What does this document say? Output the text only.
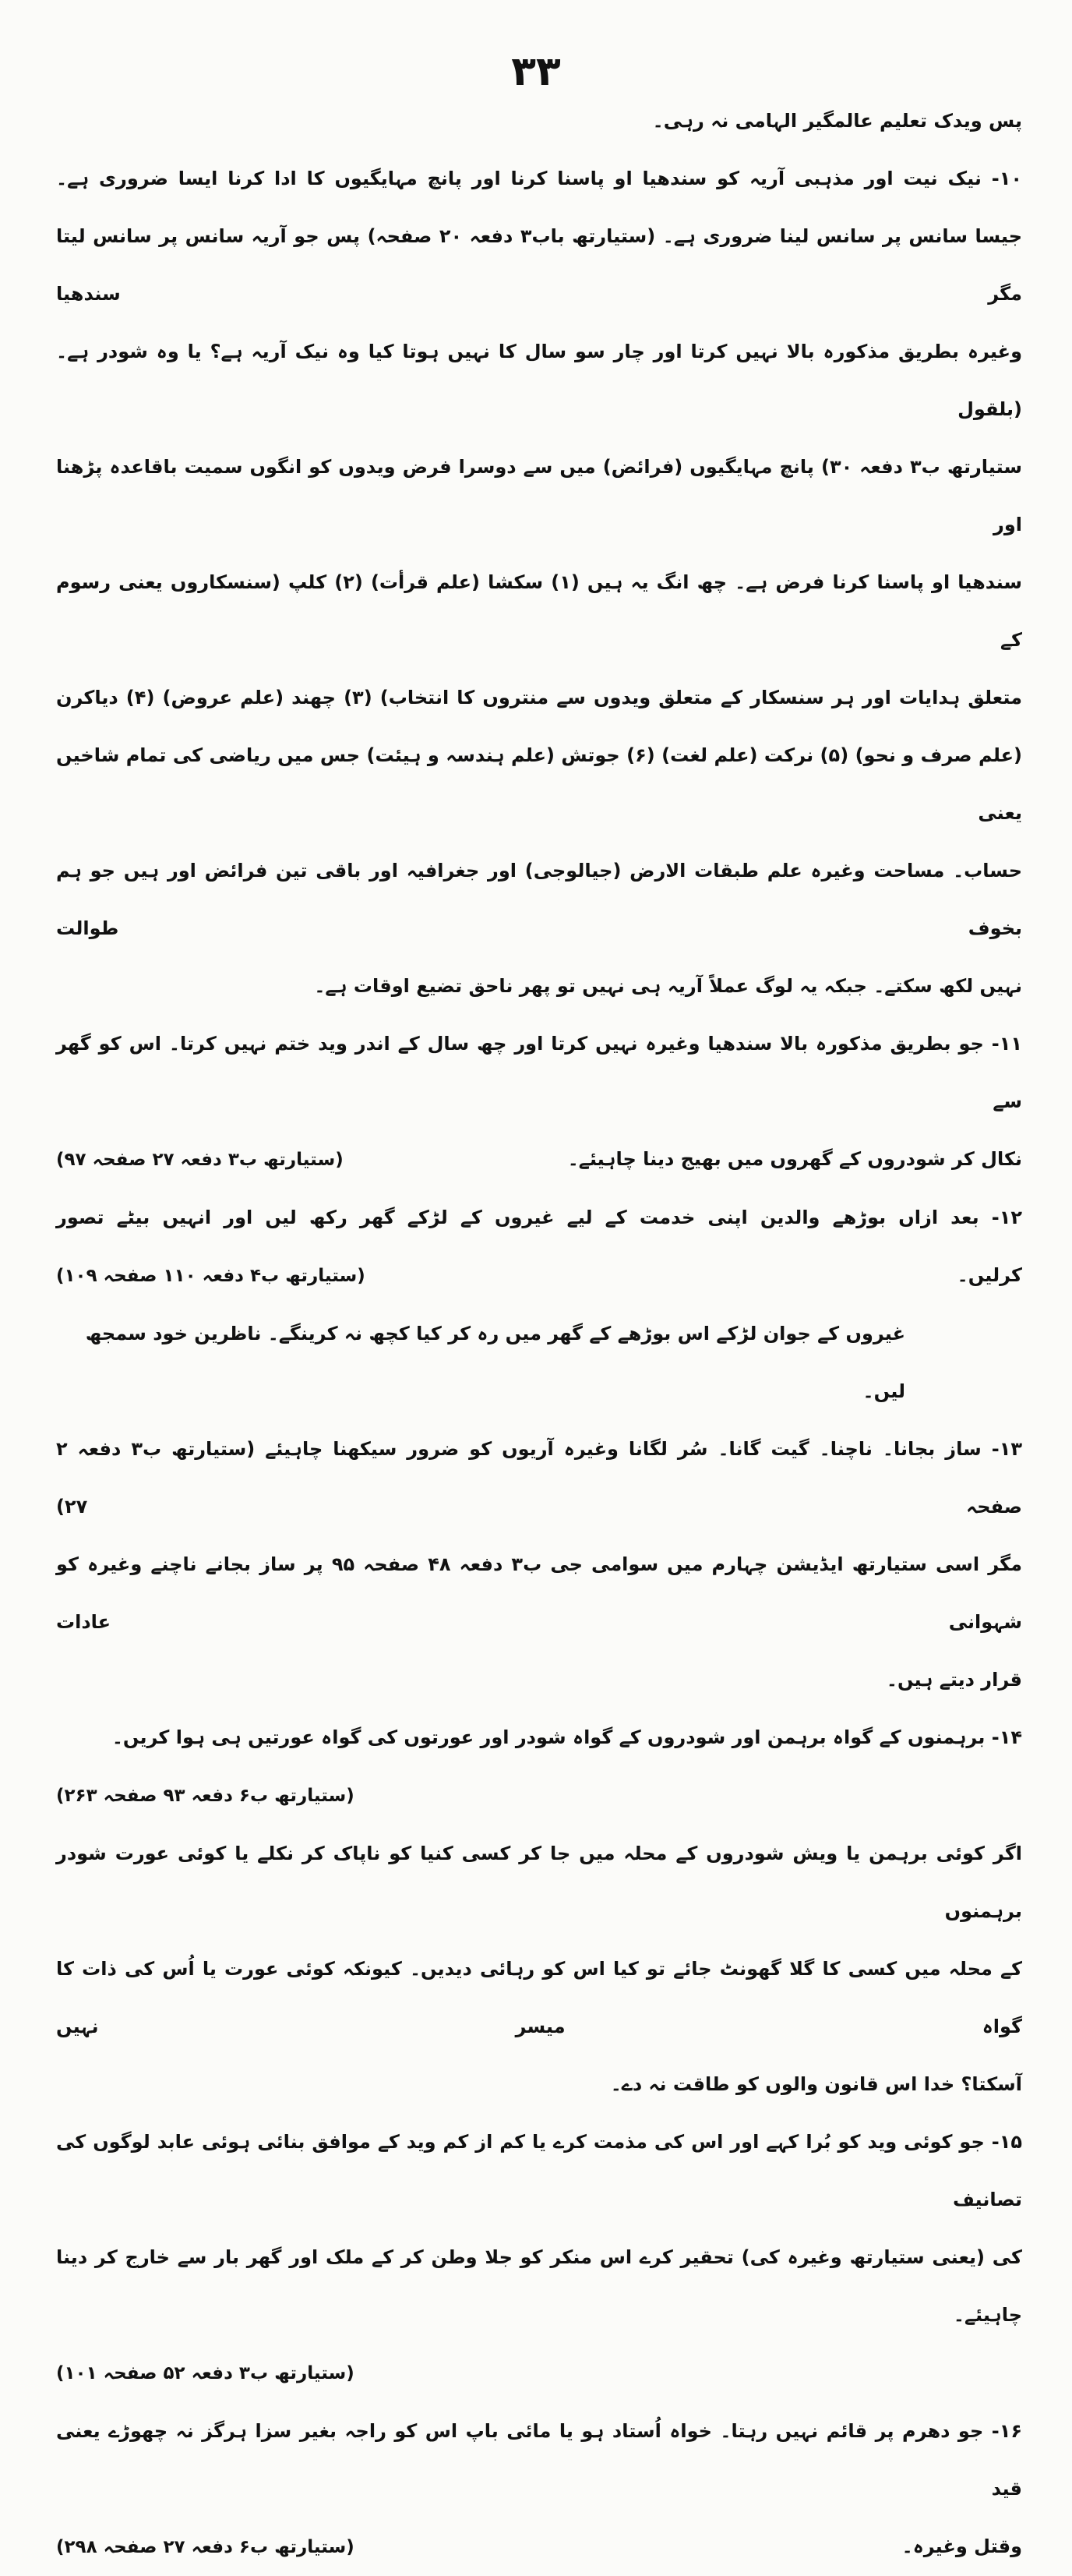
۳۳
پس ویدک تعلیم عالمگیر الہامی نہ رہی۔
۱۰- نیک نیت اور مذہبی آریہ کو سندھیا او پاسنا کرنا اور پانچ مہایگیوں کا ادا کرنا ایسا ضروری ہے۔
جیسا سانس پر سانس لینا ضروری ہے۔ (ستیارتھ باب۳ دفعہ ۲۰ صفحہ) پس جو آریہ سانس پر سانس لیتا مگر سندھیا
وغیرہ بطریق مذکورہ بالا نہیں کرتا اور چار سو سال کا نہیں ہوتا کیا وہ نیک آریہ ہے؟ یا وہ شودر ہے۔ (بلقول
ستیارتھ ب۳ دفعہ ۳۰) پانچ مہایگیوں (فرائض) میں سے دوسرا فرض ویدوں کو انگوں سمیت باقاعدہ پڑھنا اور
سندھیا او پاسنا کرنا فرض ہے۔ چھ انگ یہ ہیں (۱) سکشا (علم قرأت) (۲) کلپ (سنسکاروں یعنی رسوم کے
متعلق ہدایات اور ہر سنسکار کے متعلق ویدوں سے منتروں کا انتخاب) (۳) چھند (علم عروض) (۴) دیاکرن
(علم صرف و نحو) (۵) نرکت (علم لغت) (۶) جوتش (علم ہندسہ و ہیئت) جس میں ریاضی کی تمام شاخیں یعنی
حساب۔ مساحت وغیرہ علم طبقات الارض (جیالوجی) اور جغرافیہ اور باقی تین فرائض اور ہیں جو ہم بخوف طوالت
نہیں لکھ سکتے۔ جبکہ یہ لوگ عملاً آریہ ہی نہیں تو پھر ناحق تضیع اوقات ہے۔
۱۱- جو بطریق مذکورہ بالا سندھیا وغیرہ نہیں کرتا اور چھ سال کے اندر وید ختم نہیں کرتا۔ اس کو گھر سے
نکال کر شودروں کے گھروں میں بھیج دینا چاہیئے۔
(ستیارتھ ب۳ دفعہ ۲۷ صفحہ ۹۷)
۱۲- بعد ازاں بوڑھے والدین اپنی خدمت کے لیے غیروں کے لڑکے گھر رکھ لیں اور انہیں بیٹے تصور
کرلیں۔
(ستیارتھ ب۴ دفعہ ۱۱۰ صفحہ ۱۰۹)
غیروں کے جوان لڑکے اس بوڑھے کے گھر میں رہ کر کیا کچھ نہ کرینگے۔ ناظرین خود سمجھ لیں۔
۱۳- ساز بجانا۔ ناچنا۔ گیت گانا۔ سُر لگانا وغیرہ آریوں کو ضرور سیکھنا چاہیئے (ستیارتھ ب۳ دفعہ ۲ صفحہ ۲۷)
مگر اسی ستیارتھ ایڈیشن چہارم میں سوامی جی ب۳ دفعہ ۴۸ صفحہ ۹۵ پر ساز بجانے ناچنے وغیرہ کو شہوانی عادات
قرار دیتے ہیں۔
۱۴- برہمنوں کے گواہ برہمن اور شودروں کے گواہ شودر اور عورتوں کی گواہ عورتیں ہی ہوا کریں۔
(ستیارتھ ب۶ دفعہ ۹۳ صفحہ ۲۶۳)
اگر کوئی برہمن یا ویش شودروں کے محلہ میں جا کر کسی کنیا کو ناپاک کر نکلے یا کوئی عورت شودر برہمنوں
کے محلہ میں کسی کا گلا گھونٹ جائے تو کیا اس کو رہائی دیدیں۔ کیونکہ کوئی عورت یا اُس کی ذات کا گواہ میسر نہیں
آسکتا؟ خدا اس قانون والوں کو طاقت نہ دے۔
۱۵- جو کوئی وید کو بُرا کہے اور اس کی مذمت کرے یا کم از کم وید کے موافق بنائی ہوئی عابد لوگوں کی تصانیف
کی (یعنی ستیارتھ وغیرہ کی) تحقیر کرے اس منکر کو جلا وطن کر کے ملک اور گھر بار سے خارج کر دینا چاہیئے۔
(ستیارتھ ب۳ دفعہ ۵۲ صفحہ ۱۰۱)
۱۶- جو دھرم پر قائم نہیں رہتا۔ خواہ اُستاد ہو یا مائی باپ اس کو راجہ بغیر سزا ہرگز نہ چھوڑے یعنی قید
وقتل وغیرہ۔
(ستیارتھ ب۶ دفعہ ۲۷ صفحہ ۲۹۸)
